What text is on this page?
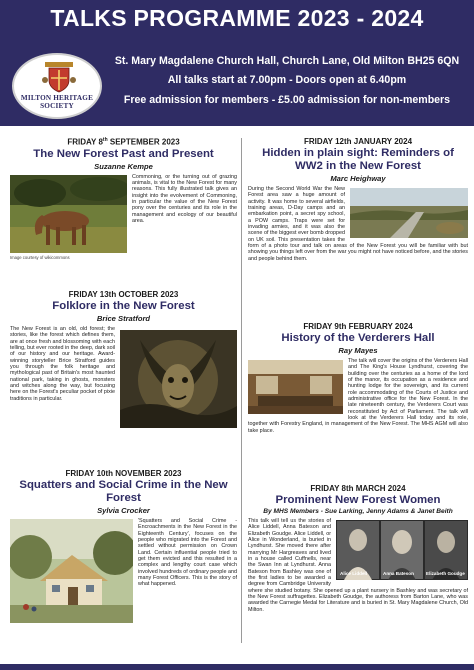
TALKS PROGRAMME 2023 - 2024
MILTON HERITAGE
SOCIETY
St. Mary Magdalene Church Hall, Church Lane, Old Milton BH25 6QN
All talks start at 7.00pm - Doors open at 6.40pm
Free admission for members - £5.00 admission for non-members
FRIDAY 8th SEPTEMBER 2023
The New Forest Past and Present
Suzanne Kempe

Commoning, or the turning out of grazing animals, is vital to the New Forest for many reasons. This fully illustrated talk gives an insight into the evolvement of Commoning, in particular the value of the New Forest pony over the centuries and its role in the management and ecology of our beautiful area.

Image courtesy of wikicommons
FRIDAY 13th OCTOBER 2023
Folklore in the New Forest
Brice Stratford

The New Forest is an old, old forest; the stories, like the forest which defines them, are at once fresh and blossoming with each telling, but ever rooted in the deep, dark soil of our history and our heritage. Award-winning storyteller Brice Stratford guides you through the folk heritage and mythological past of Britain's most haunted national park, taking in ghosts, monsters and witches along the way, but focusing here on the Forest's peculiar pocket of pixie traditions in particular.

FRIDAY 10th NOVEMBER 2023
Squatters and Social Crime in the New Forest
Sylvia Crocker

'Squatters and Social Crime - Encroachments in the New Forest in the Eighteenth Century', focuses on the people who migrated into the Forest and settled without permission on Crown Land. Certain influential people tried to get them evicted and this resulted in a complex and lengthy court case which involved hundreds of ordinary people and many Forest Officers. This is the story of what happened.

FRIDAY 12th JANUARY 2024
Hidden in plain sight: Reminders of WW2 in the New Forest
Marc Heighway

During the Second World War the New Forest area saw a huge amount of activity. It was home to several airfields, training areas, D-Day camps and an embarkation point, a secret spy school, a POW camps. Traps were set for invading armies, and it was also the scene of the biggest ever bomb dropped on UK soil. This presentation takes the form of a photo tour and talk on areas of the New Forest you will be familiar with but showing you things left over from the war you might not have noticed before, and the stories and people behind them.

FRIDAY 9th FEBRUARY 2024
History of the Verderers Hall
Ray Mayes

The talk will cover the origins of the Verderers Hall and The King's House Lyndhurst, covering the building over the centuries as a home of the lord of the manor, its occupation as a residence and hunting lodge for the sovereign, and its current role accommodating of the Courts of Justice and administrative office for the New Forest. In the late nineteenth century, the Verderers Court was reconstituted by Act of Parliament. The talk will look at the Verderers Hall today and its role, together with Forestry England, in management of the New Forest. The MHS AGM will also take place.

FRIDAY 8th MARCH 2024
Prominent New Forest Women
By MHS Members - Sue Larking, Jenny Adams & Janet Beith
Alice Liddell	Anna Bateson	Elizabeth Goudge

This talk will tell us the stories of Alice Liddell, Anna Bateson and Elizabeth Goudge. Alice Liddell, or Alice in Wonderland, is buried in Lyndhurst. She moved there after marrying Mr Hargreaves and lived in a house called Cuffnells, near the Swan Inn at Lyndhurst. Anna Bateson from Bashley was one of the first ladies to be awarded a degree from Cambridge University where she studied botany. She opened up a plant nursery in Bashley and was secretary of the New Forest suffragettes. Elizabeth Goudge, the authoress from Barton Lane, who was awarded the Carnegie Medal for Literature and is buried in St. Mary Magdalene Church, Old Milton.
